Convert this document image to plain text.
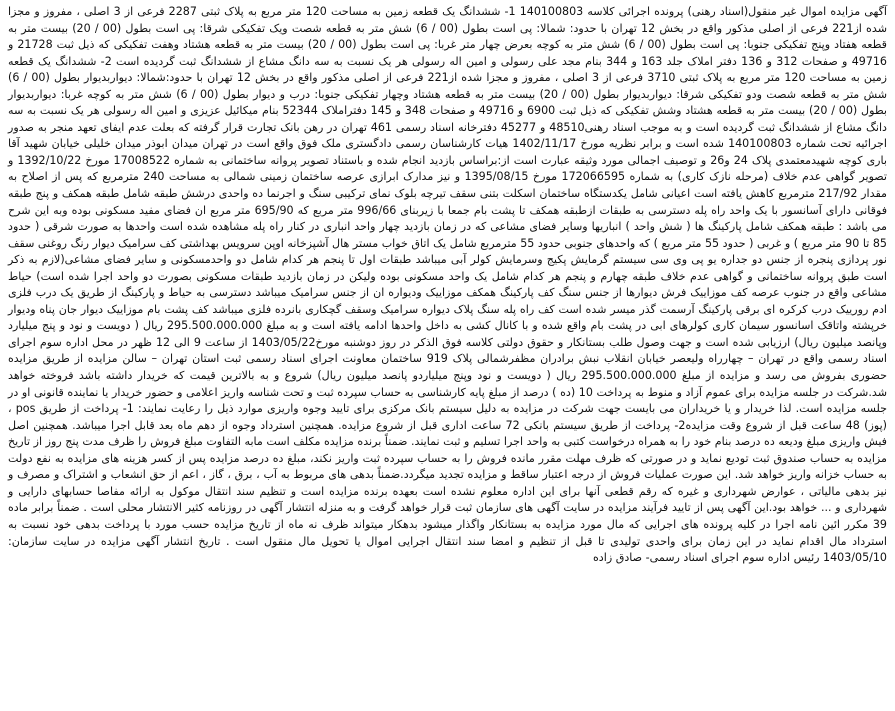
آگهی مزایده اموال غیر منقول(اسناد رهنی) پرونده اجرائی کلاسه 140100803 1- ششدانگ یک قطعه زمین به مساحت 120 متر مربع به پلاک ثبتی 2287 فرعی از 3 اصلی ، مفروز و مجزا شده از221 فرعی از اصلی مذکور واقع در بخش 12 تهران با حدود: شمالا: پی است بطول (00 / 6) شش متر به قطعه شصت ویک تفکیکی شرقا: پی است بطول (00 / 20) بیست متر به قطعه هفتاد وپنج تفکیکی جنوبا: پی است بطول (00 / 6) شش متر به کوچه بعرض چهار متر غربا: پی است بطول (00 / 20) بیست متر به قطعه هشتاد وهفت تفکیکی که ذیل ثبت 21728 و 49716 و صفحات 312 و 136 دفتر املاک جلد 163 و 344 بنام مجد علی رسولی و امین اله رسولی هر یک نسبت به سه دانگ مشاع از ششدانگ ثبت گردیده است 2- ششدانگ یک قطعه زمین به مساحت 120 متر مربع به پلاک ثبتی 3710 فرعی از 3 اصلی ، مفروز و مجزا شده از221 فرعی از اصلی مذکور واقع در بخش 12 تهران با حدود:شمالا: دیواربدیوار بطول (00 / 6) شش متر به قطعه شصت ودو تفکیکی شرقا: دیواربدیوار بطول (00 / 20) بیست متر به قطعه هشتاد وچهار تفکیکی جنوبا: درب و دیوار بطول (00 / 6) شش متر به کوچه غربا: دیواربدیوار بطول (00 / 20) بیست متر به قطعه هشتاد وشش تفکیکی که ذیل ثبت 6900 و 49716 و صفحات 348 و 145 دفتراملاک 52344 بنام میکائیل عزیزی و امین اله رسولی هر یک نسبت به سه دانگ مشاع از ششدانگ ثبت گردیده است و به موجب اسناد رهنی48510 و 45277 دفترخانه اسناد رسمی 461 تهران در رهن بانک تجارت قرار گرفته که بعلت عدم ایفای تعهد منجر به صدور اجرائیه تحت شماره 140100803 شده است و برابر نظریه مورخ 1402/11/17 هیات کارشناسان رسمی دادگستری ملک فوق واقع است در تهران میدان ابوذر میدان خلیلی خیابان شهید آقا باری کوچه شهیدمعتمدی پلاک 24 و26 و توصیف اجمالی مورد وثیقه عبارت است از:براساس بازدید انجام شده و باستناد تصویر پروانه ساختمانی به شماره 17008522 مورخ 1392/10/22 و تصویر گواهی عدم خلاف (مرحله نازک کاری) به شماره 172066595 مورخ 1395/08/15 و نیز مدارک ابرازی عرصه ساختمان زمینی شمالی به مساحت 240 مترمربع که پس از اصلاح به مقدار 217/92 مترمربع کاهش یافته است اعیانی شامل یکدستگاه ساختمان اسکلت بتنی سقف تیرچه بلوک نمای ترکیبی سنگ و اجرنما ده واحدی درشش طبقه شامل طبقه همکف و پنج طبقه فوقانی دارای آسانسور با یک واحد راه پله دسترسی به طبقات ازطبقه همکف تا پشت بام جمعا با زیربنای 996/66 متر مربع که 695/90 متر مربع ان فضای مفید مسکونی بوده وبه این شرح می باشد : طبقه همکف شامل پارکینگ ها ( شش واحد ) انباریها وسایر فضای مشاعی که در زمان بازدید چهار واحد انباری در کنار راه پله مشاهده شده است واحدها به صورت شرقی ( حدود 85 تا 90 متر مربع ) و غربی ( حدود 55 متر مربع ) که واحدهای جنوبی حدود 55 مترمربع شامل یک اتاق خواب مستر هال آشپزخانه اوپن سرویس بهداشتی کف سرامیک دیوار رنگ روغنی سقف نور پردازی پنجره از جنس دو جداره یو پی وی سی سیستم گرمایش پکیج وسرمایش کولر آبی میباشد طبقات اول تا پنجم هر کدام شامل دو واحدمسکونی و سایر فضای مشاعی(لازم به ذکر است طبق پروانه ساختمانی و گواهی عدم خلاف طبقه چهارم و پنجم هر کدام شامل یک واحد مسکونی بوده ولیکن در زمان بازدید طبقات مسکونی بصورت دو واحد اجرا شده است) حیاط مشاعی واقع در جنوب عرصه کف موزاییک فرش دیوارها از جنس سنگ کف پارکینگ همکف موزاییک ودیواره ان از جنس سرامیک میباشد دسترسی به حیاط و پارکینگ از طریق یک درب فلزی ادم رورییک درب کرکره ای برقی پارکینگ آرسمت گذر میسر شده است کف راه پله سنگ پلاک دیواره سرامیک وسقف گچکاری بانرده فلزی میباشد کف پشت بام موزاییک دیوار جان پناه ودیوار خرپشته واتاقک اسانسور سیمان کاری کولرهای ابی در پشت بام واقع شده و با کانال کشی به داخل واحدها ادامه یافته است و به مبلغ 295.500.000.000 ریال ( دویست و نود و پنج میلیارد وپانصد میلیون ریال) ارزیابی شده است و جهت وصول طلب بستانکار و حقوق دولتی کلاسه فوق الذکر در روز دوشنبه مورخ1403/05/22 از ساعت 9 الی 12 ظهر در محل اداره سوم اجرای اسناد رسمی واقع در تهران – چهارراه ولیعصر خیابان انقلاب نبش برادران مظفرشمالی پلاک 919 ساختمان معاونت اجرای اسناد رسمی ثبت استان تهران – سالن مزایده از طریق مزایده حضوری بفروش می رسد و مزایده از مبلغ 295.500.000.000 ریال ( دویست و نود وپنج میلیاردو پانصد میلیون ریال) شروع و به بالاترین قیمت که خریدار داشته باشد فروخته خواهد شد.شرکت در جلسه مزایده برای عموم آزاد و منوط به پرداخت 10 (ده ) درصد از مبلغ پایه کارشناسی به حساب سپرده ثبت و تحت شناسه واریز اعلامی و حضور خریدار یا نماینده قانونی او در جلسه مزایده است. لذا خریدار و یا خریداران می بایست جهت شرکت در مزایده به دلیل سیستم بانک مرکزی برای تایید وجوه واریزی موارد ذیل را رعایت نمایند: 1- پرداخت از طریق pos ، (پوز) 48 ساعت قبل از شروع وقت مزایده2- پرداخت از طریق سیستم بانکی 72 ساعت اداری قبل از شروع مزایده. همچنین استرداد وجوه از دهم ماه بعد قابل اجرا میباشد. همچنین اصل فیش واریزی مبلغ ودیعه ده درصد بنام خود را به همراه درخواست کتبی به واحد اجرا تسلیم و ثبت نمایند. ضمناً برنده مزایده مکلف است مابه التفاوت مبلغ فروش را ظرف مدت پنج روز از تاریخ مزایده به حساب صندوق ثبت تودیع نماید و در صورتی که ظرف مهلت مقرر مانده فروش را به حساب سپرده ثبت واریز نکند، مبلغ ده درصد مزایده پس از کسر هزینه های مزایده به نفع دولت به حساب خزانه واریز خواهد شد. این صورت عملیات فروش از درجه اعتبار ساقط و مزایده تجدید میگردد.ضمناً بدهی های مربوط به آب ، برق ، گاز ، اعم از حق انشعاب و اشتراک و مصرف و نیز بدهی مالیاتی ، عوارض شهرداری و غیره که رقم قطعی آنها برای این اداره معلوم نشده است بعهده برنده مزایده است و تنظیم سند انتقال موکول به ارائه مفاصا حسابهای دارایی و شهرداری و ... خواهد بود.این آگهی پس از تایید فرآیند مزایده در سایت آگهی های سازمان ثبت قرار خواهد گرفت و به منزله انتشار آگهی در روزنامه کثیر الانتشار محلی است . ضمناً برابر ماده 39 مکرر ائین نامه اجرا در کلیه پرونده های اجرایی که مال مورد مزایده به بستانکار واگذار میشود بدهکار میتواند ظرف نه ماه از تاریخ مزایده حسب مورد با پرداخت بدهی خود نسبت به استرداد مال اقدام نماید در این زمان برای واحدی تولیدی تا قبل از تنظیم و امضا سند انتقال اجرایی اموال یا تحویل مال منقول است . تاریخ انتشار آگهی مزایده در سایت سازمان: 1403/05/10 رئیس اداره سوم اجرای اسناد رسمی- صادق زاده
